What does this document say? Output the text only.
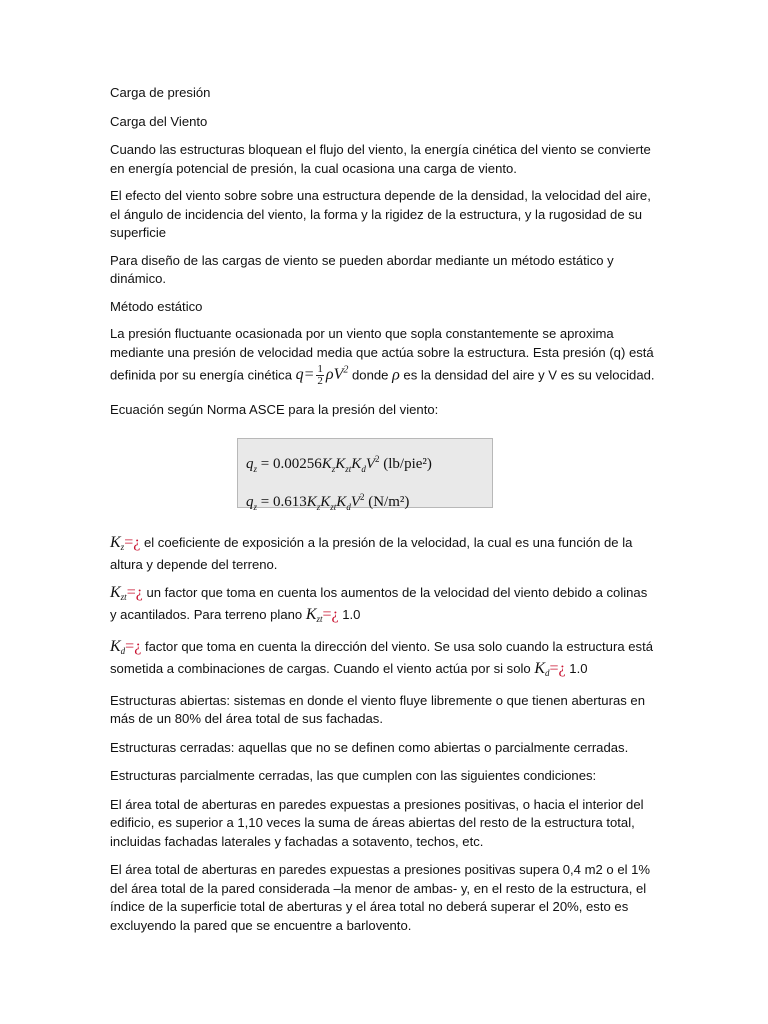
Carga de presión

Carga del Viento

Cuando las estructuras bloquean el flujo del viento, la energía cinética del viento se convierte en energía potencial de presión, la cual ocasiona una carga de viento.

El efecto del viento sobre sobre una estructura depende de la densidad, la velocidad del aire, el ángulo de incidencia del viento, la forma y la rigidez de la estructura, y la rugosidad de su superficie

Para diseño de las cargas de viento se pueden abordar mediante un método estático y dinámico.

Método estático

La presión fluctuante ocasionada por un viento que sopla constantemente se aproxima mediante una presión de velocidad media que actúa sobre la estructura. Esta presión (q) está definida por su energía cinética $q= \frac{1}{2} \rho V^2$ donde ρ es la densidad del aire y V es su velocidad.

Ecuación según Norma ASCE para la presión del viento:

$q_z = 0.00256K_zK_{zt}K_dV^2$ (lb/pie²)
$q_z = 0.613K_zK_{zt}K_dV^2$ (N/m²)

$K_z=¿$ el coeficiente de exposición a la presión de la velocidad, la cual es una función de la altura y depende del terreno.

$K_{zt}=¿$ un factor que toma en cuenta los aumentos de la velocidad del viento debido a colinas y acantilados. Para terreno plano $K_{zt}=¿$ 1.0

$K_d=¿$ factor que toma en cuenta la dirección del viento. Se usa solo cuando la estructura está sometida a combinaciones de cargas. Cuando el viento actúa por si solo $K_d=¿$ 1.0

Estructuras abiertas: sistemas en donde el viento fluye libremente o que tienen aberturas en más de un 80% del área total de sus fachadas.

Estructuras cerradas: aquellas que no se definen como abiertas o parcialmente cerradas.

Estructuras parcialmente cerradas, las que cumplen con las siguientes condiciones:

El área total de aberturas en paredes expuestas a presiones positivas, o hacia el interior del edificio, es superior a 1,10 veces la suma de áreas abiertas del resto de la estructura total, incluidas fachadas laterales y fachadas a sotavento, techos, etc.

El área total de aberturas en paredes expuestas a presiones positivas supera 0,4 m2 o el 1% del área total de la pared considerada –la menor de ambas- y, en el resto de la estructura, el índice de la superficie total de aberturas y el área total no deberá superar el 20%, esto es excluyendo la pared que se encuentre a barlovento.
